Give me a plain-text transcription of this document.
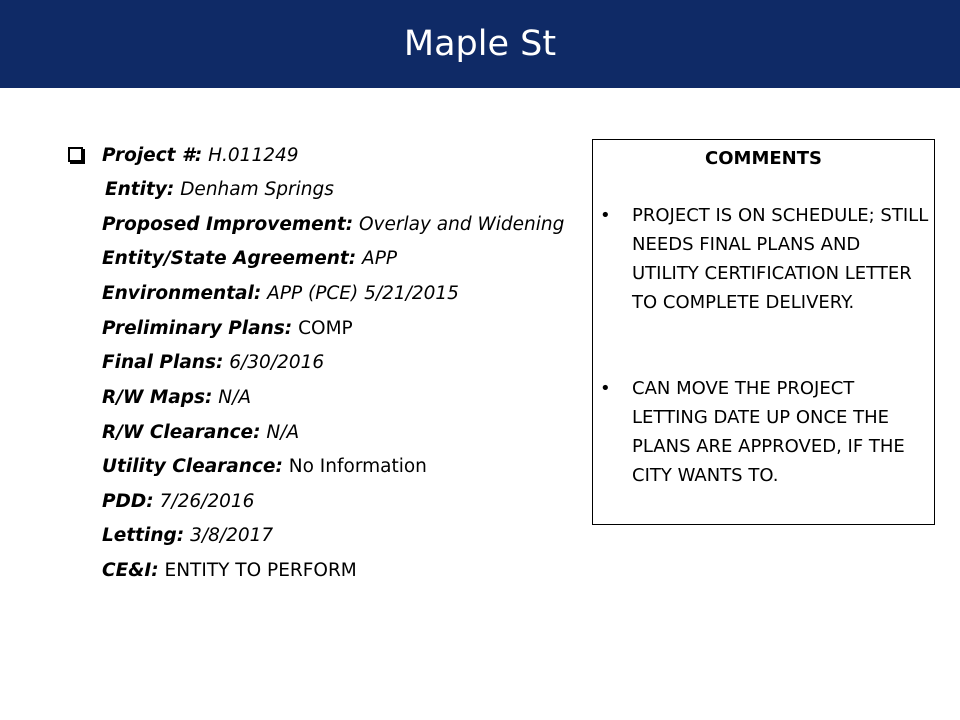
Maple St
Project #: H.011249
Entity: Denham Springs
Proposed Improvement: Overlay and Widening
Entity/State Agreement: APP
Environmental: APP (PCE) 5/21/2015
Preliminary Plans: COMP
Final Plans: 6/30/2016
R/W Maps: N/A
R/W Clearance: N/A
Utility Clearance: No Information
PDD: 7/26/2016
Letting: 3/8/2017
CE&I: ENTITY TO PERFORM
COMMENTS
• PROJECT IS ON SCHEDULE; STILL NEEDS FINAL PLANS AND UTILITY CERTIFICATION LETTER TO COMPLETE DELIVERY.
• CAN MOVE THE PROJECT LETTING DATE UP ONCE THE PLANS ARE APPROVED, IF THE CITY WANTS TO.
